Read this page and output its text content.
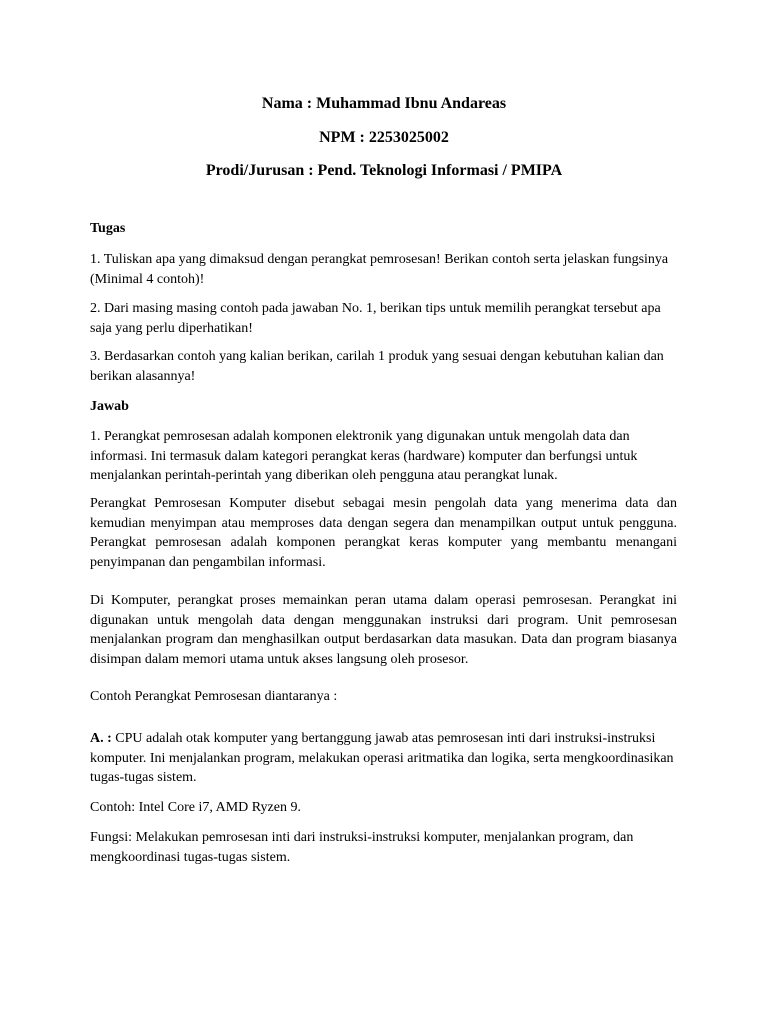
Nama : Muhammad Ibnu Andareas
NPM : 2253025002
Prodi/Jurusan : Pend. Teknologi Informasi / PMIPA
Tugas
1. Tuliskan apa yang dimaksud dengan perangkat pemrosesan! Berikan contoh serta jelaskan fungsinya (Minimal 4 contoh)!
2. Dari masing masing contoh pada jawaban No. 1, berikan tips untuk memilih perangkat tersebut apa saja yang perlu diperhatikan!
3. Berdasarkan contoh yang kalian berikan, carilah 1 produk yang sesuai dengan kebutuhan kalian dan berikan alasannya!
Jawab
1. Perangkat pemrosesan adalah komponen elektronik yang digunakan untuk mengolah data dan informasi. Ini termasuk dalam kategori perangkat keras (hardware) komputer dan berfungsi untuk menjalankan perintah-perintah yang diberikan oleh pengguna atau perangkat lunak.
Perangkat Pemrosesan Komputer disebut sebagai mesin pengolah data yang menerima data dan kemudian menyimpan atau memproses data dengan segera dan menampilkan output untuk pengguna. Perangkat pemrosesan adalah komponen perangkat keras komputer yang membantu menangani penyimpanan dan pengambilan informasi.
Di Komputer, perangkat proses memainkan peran utama dalam operasi pemrosesan. Perangkat ini digunakan untuk mengolah data dengan menggunakan instruksi dari program. Unit pemrosesan menjalankan program dan menghasilkan output berdasarkan data masukan. Data dan program biasanya disimpan dalam memori utama untuk akses langsung oleh prosesor.
Contoh Perangkat Pemrosesan diantaranya :
A. : CPU adalah otak komputer yang bertanggung jawab atas pemrosesan inti dari instruksi-instruksi komputer. Ini menjalankan program, melakukan operasi aritmatika dan logika, serta mengkoordinasikan tugas-tugas sistem.
Contoh: Intel Core i7, AMD Ryzen 9.
Fungsi: Melakukan pemrosesan inti dari instruksi-instruksi komputer, menjalankan program, dan mengkoordinasi tugas-tugas sistem.
